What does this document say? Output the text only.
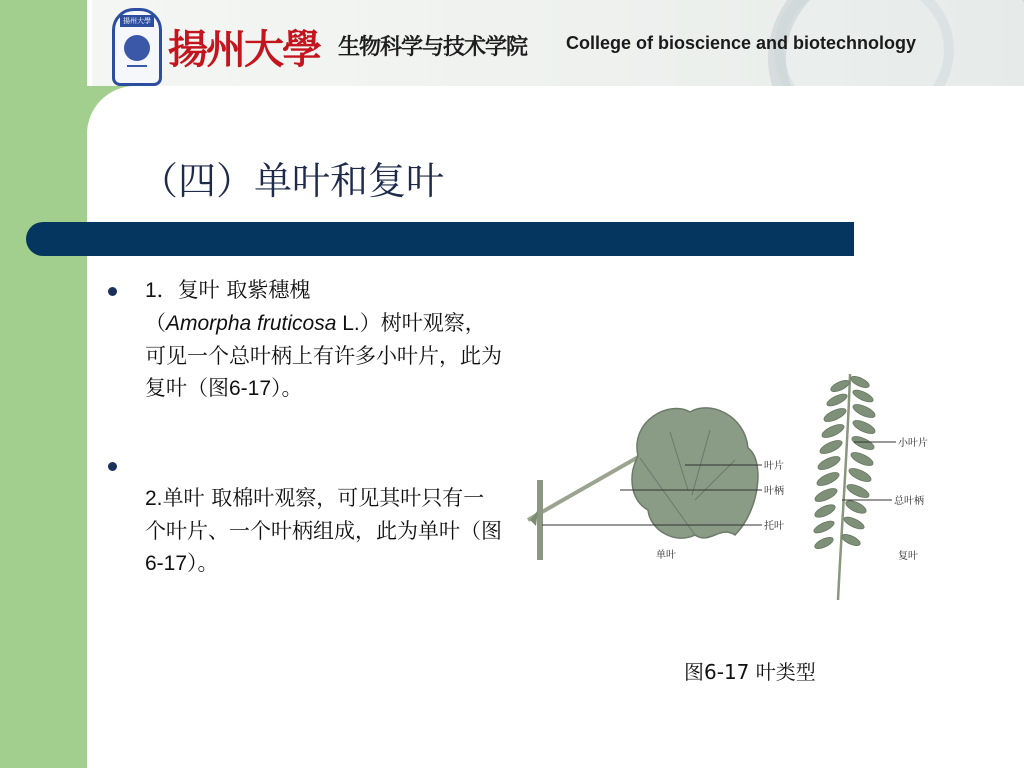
揚州大學
揚州大學 生物科学与技术学院 College of bioscience and biotechnology
（四）单叶和复叶
1．复叶 取紫穗槐
（Amorpha fruticosa L.）树叶观察，可见一个总叶柄上有许多小叶片，此为复叶（图6-17）。
2.单叶 取棉叶观察，可见其叶只有一个叶片、一个叶柄组成，此为单叶（图6-17）。
叶片
叶柄
托叶
单叶
小叶片
总叶柄
复叶
图6-17 叶类型
